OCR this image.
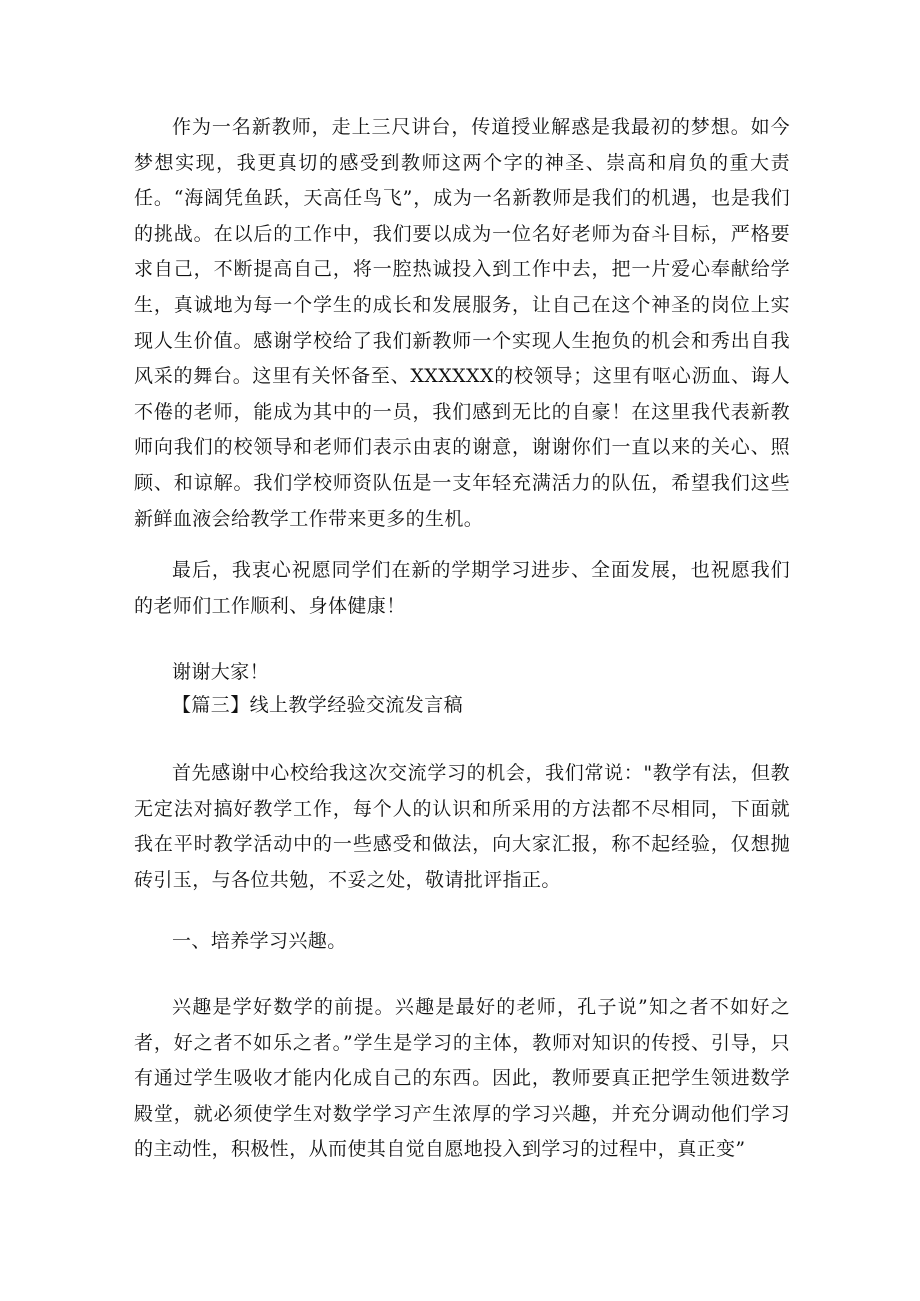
作为一名新教师，走上三尺讲台，传道授业解惑是我最初的梦想。如今梦想实现，我更真切的感受到教师这两个字的神圣、崇高和肩负的重大责任。“海阔凭鱼跃，天高任鸟飞”，成为一名新教师是我们的机遇，也是我们的挑战。在以后的工作中，我们要以成为一位名好老师为奋斗目标，严格要求自己，不断提高自己，将一腔热诚投入到工作中去，把一片爱心奉献给学生，真诚地为每一个学生的成长和发展服务，让自己在这个神圣的岗位上实现人生价值。感谢学校给了我们新教师一个实现人生抱负的机会和秀出自我风采的舞台。这里有关怀备至、XXXXXX的校领导；这里有呕心沥血、诲人不倦的老师，能成为其中的一员，我们感到无比的自豪！在这里我代表新教师向我们的校领导和老师们表示由衷的谢意，谢谢你们一直以来的关心、照顾、和谅解。我们学校师资队伍是一支年轻充满活力的队伍，希望我们这些新鲜血液会给教学工作带来更多的生机。

最后，我衷心祝愿同学们在新的学期学习进步、全面发展，也祝愿我们的老师们工作顺利、身体健康！

谢谢大家！

【篇三】线上教学经验交流发言稿

首先感谢中心校给我这次交流学习的机会，我们常说："教学有法，但教无定法对搞好教学工作，每个人的认识和所采用的方法都不尽相同，下面就我在平时教学活动中的一些感受和做法，向大家汇报，称不起经验，仅想抛砖引玉，与各位共勉，不妥之处，敬请批评指正。

一、培养学习兴趣。

兴趣是学好数学的前提。兴趣是最好的老师，孔子说”知之者不如好之者，好之者不如乐之者。”学生是学习的主体，教师对知识的传授、引导，只有通过学生吸收才能内化成自己的东西。因此，教师要真正把学生领进数学殿堂，就必须使学生对数学学习产生浓厚的学习兴趣，并充分调动他们学习的主动性，积极性，从而使其自觉自愿地投入到学习的过程中，真正变”
